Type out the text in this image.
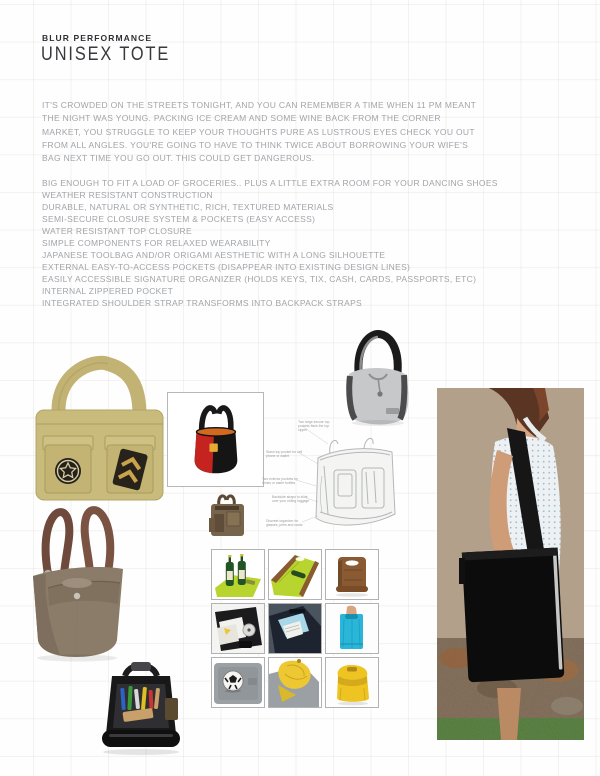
BLUR PERFORMANCE
UNISEX TOTE
IT'S CROWDED ON THE STREETS TONIGHT, AND YOU CAN REMEMBER A TIME WHEN 11 PM MEANT
THE NIGHT WAS YOUNG. PACKING ICE CREAM AND SOME WINE BACK FROM THE CORNER
MARKET, YOU STRUGGLE TO KEEP YOUR THOUGHTS PURE AS LUSTROUS EYES CHECK YOU OUT
FROM ALL ANGLES. YOU'RE GOING TO HAVE TO THINK TWICE ABOUT BORROWING YOUR WIFE'S
BAG NEXT TIME YOU GO OUT. THIS COULD GET DANGEROUS.
BIG ENOUGH TO FIT A LOAD OF GROCERIES.. PLUS A LITTLE EXTRA ROOM FOR YOUR DANCING SHOES
WEATHER RESISTANT CONSTRUCTION
DURABLE, NATURAL OR SYNTHETIC, RICH, TEXTURED MATERIALS
SEMI-SECURE CLOSURE SYSTEM & POCKETS (EASY ACCESS)
WATER RESISTANT TOP CLOSURE
SIMPLE COMPONENTS FOR RELAXED WEARABILITY
JAPANESE TOOLBAG AND/OR ORIGAMI AESTHETIC WITH A LONG SILHOUETTE
EXTERNAL EASY-TO-ACCESS POCKETS (DISAPPEAR INTO EXISTING DESIGN LINES)
EASILY ACCESSIBLE SIGNATURE ORGANIZER (HOLDS KEYS, TIX, CASH, CARDS, PASSPORTS, ETC)
INTERNAL ZIPPERED POCKET
INTEGRATED SHOULDER STRAP TRANSFORMS INTO BACKPACK STRAPS
Two large secure top pockets flank the top zipper
Stash top pocket for cell phone or wallet
Two exterior pockets for drinks or water bottles
Backside straps to slide over your rolling luggage
Discreet organizer for glasses, pens and cards
